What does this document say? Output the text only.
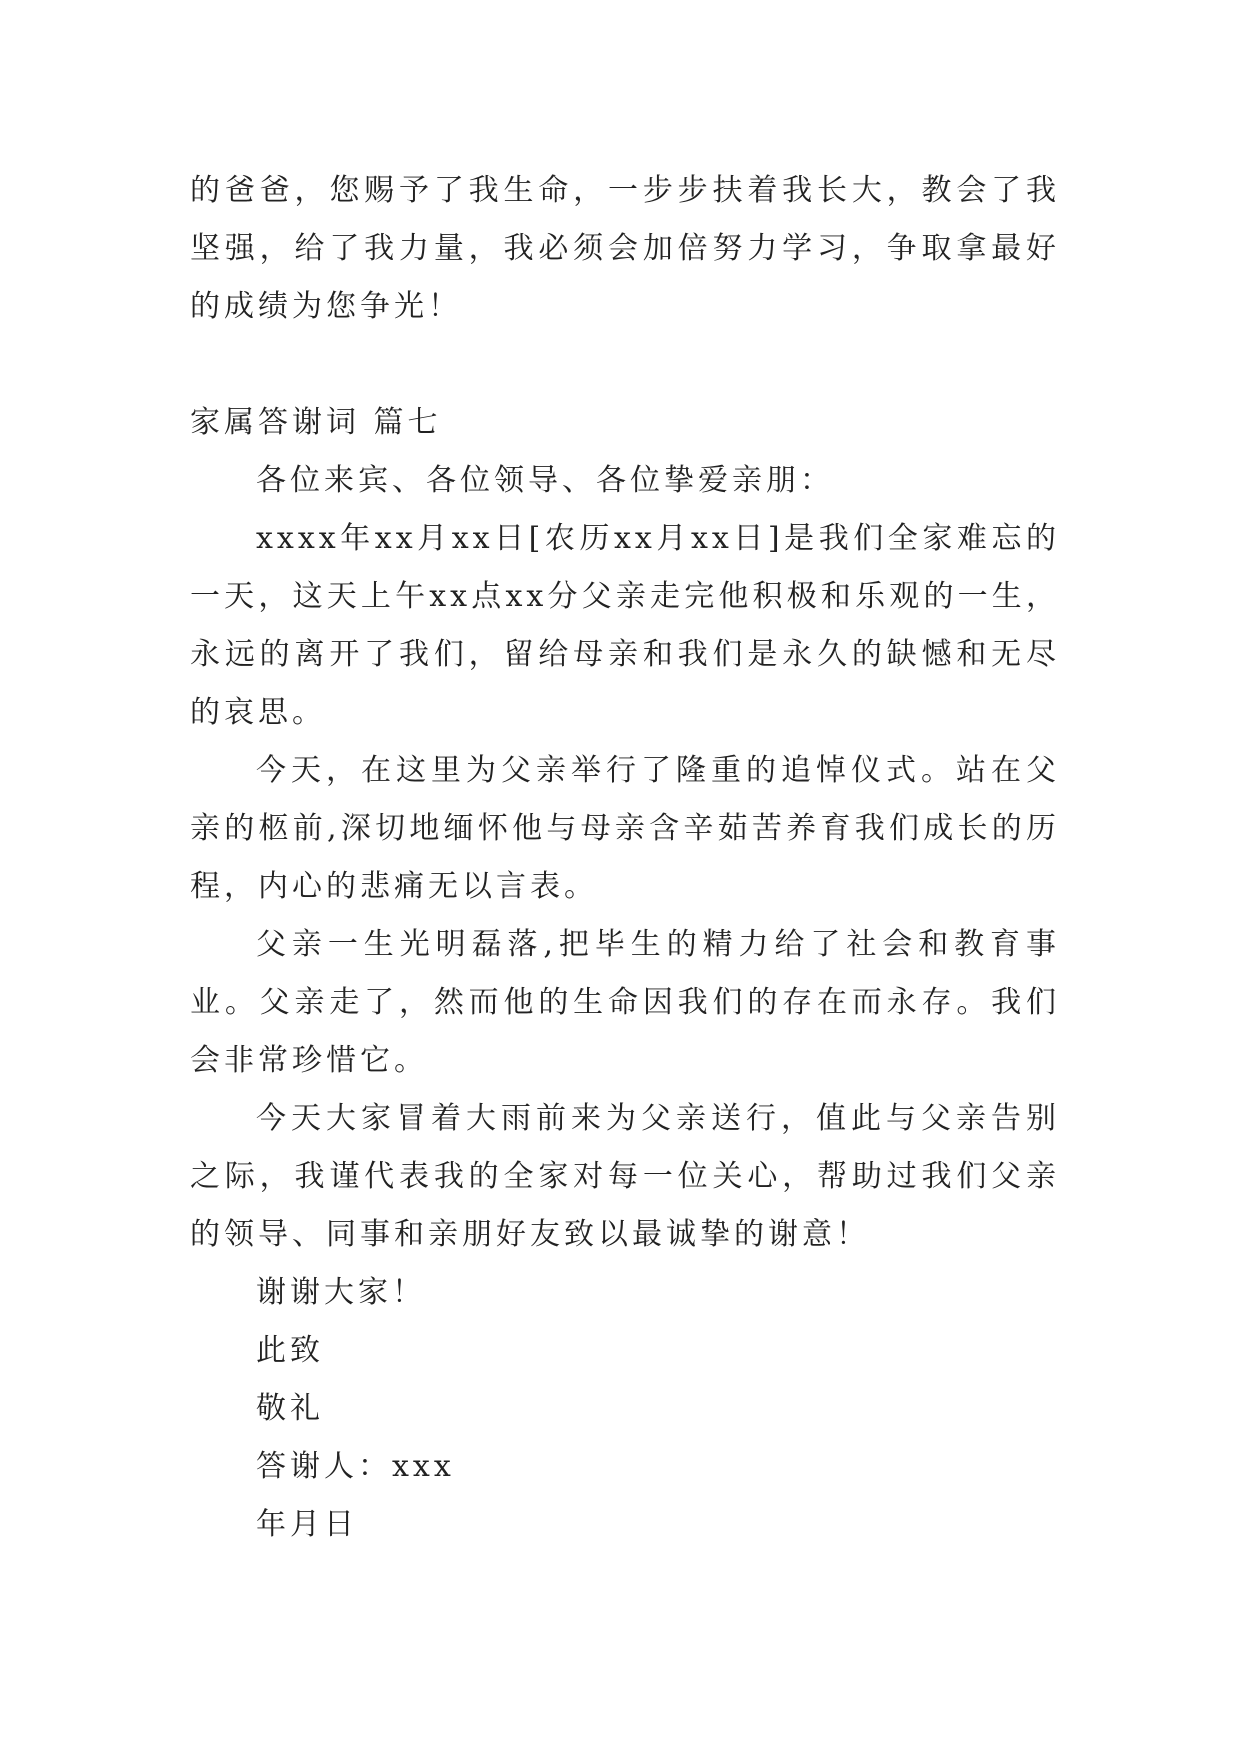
的爸爸，您赐予了我生命，一步步扶着我长大，教会了我坚强，给了我力量，我必须会加倍努力学习，争取拿最好的成绩为您争光！

家属答谢词 篇七

各位来宾、各位领导、各位挚爱亲朋：

xxxx年xx月xx日[农历xx月xx日]是我们全家难忘的一天，这天上午xx点xx分父亲走完他积极和乐观的一生，永远的离开了我们，留给母亲和我们是永久的缺憾和无尽的哀思。

今天，在这里为父亲举行了隆重的追悼仪式。站在父亲的柩前,深切地缅怀他与母亲含辛茹苦养育我们成长的历程，内心的悲痛无以言表。

父亲一生光明磊落,把毕生的精力给了社会和教育事业。父亲走了，然而他的生命因我们的存在而永存。我们会非常珍惜它。

今天大家冒着大雨前来为父亲送行，值此与父亲告别之际，我谨代表我的全家对每一位关心，帮助过我们父亲的领导、同事和亲朋好友致以最诚挚的谢意！

谢谢大家！

此致

敬礼

答谢人：xxx

年月日
